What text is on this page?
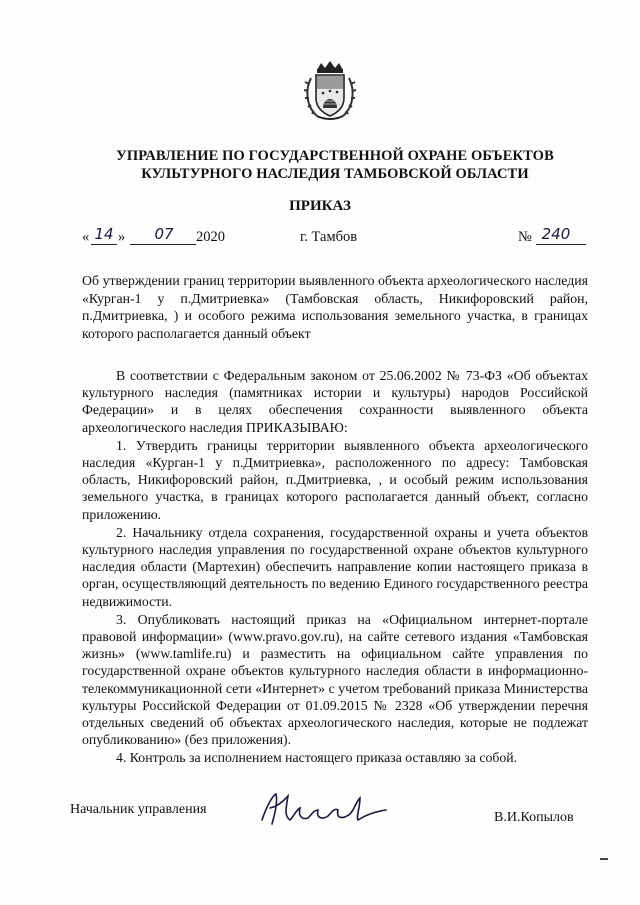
УПРАВЛЕНИЕ ПО ГОСУДАРСТВЕННОЙ ОХРАНЕ ОБЪЕКТОВ КУЛЬТУРНОГО НАСЛЕДИЯ ТАМБОВСКОЙ ОБЛАСТИ
ПРИКАЗ
« 14 »	07	2020	г. Тамбов	№ 240
Об утверждении границ территории выявленного объекта археологического наследия «Курган-1 у п.Дмитриевка» (Тамбовская область, Никифоровский район, п.Дмитриевка, ) и особого режима использования земельного участка, в границах которого располагается данный объект

В соответствии с Федеральным законом от 25.06.2002 № 73-ФЗ «Об объектах культурного наследия (памятниках истории и культуры) народов Российской Федерации» и в целях обеспечения сохранности выявленного объекта археологического наследия ПРИКАЗЫВАЮ:

1. Утвердить границы территории выявленного объекта археологического наследия «Курган-1 у п.Дмитриевка», расположенного по адресу: Тамбовская область, Никифоровский район, п.Дмитриевка, , и особый режим использования земельного участка, в границах которого располагается данный объект, согласно приложению.

2. Начальнику отдела сохранения, государственной охраны и учета объектов культурного наследия управления по государственной охране объектов культурного наследия области (Мартехин) обеспечить направление копии настоящего приказа в орган, осуществляющий деятельность по ведению Единого государственного реестра недвижимости.

3. Опубликовать настоящий приказ на «Официальном интернет-портале правовой информации» (www.pravo.gov.ru), на сайте сетевого издания «Тамбовская жизнь» (www.tamlife.ru) и разместить на официальном сайте управления по государственной охране объектов культурного наследия области в информационно-телекоммуникационной сети «Интернет» с учетом требований приказа Министерства культуры Российской Федерации от 01.09.2015 № 2328 «Об утверждении перечня отдельных сведений об объектах археологического наследия, которые не подлежат опубликованию» (без приложения).

4. Контроль за исполнением настоящего приказа оставляю за собой.

Начальник управления
В.И.Копылов
